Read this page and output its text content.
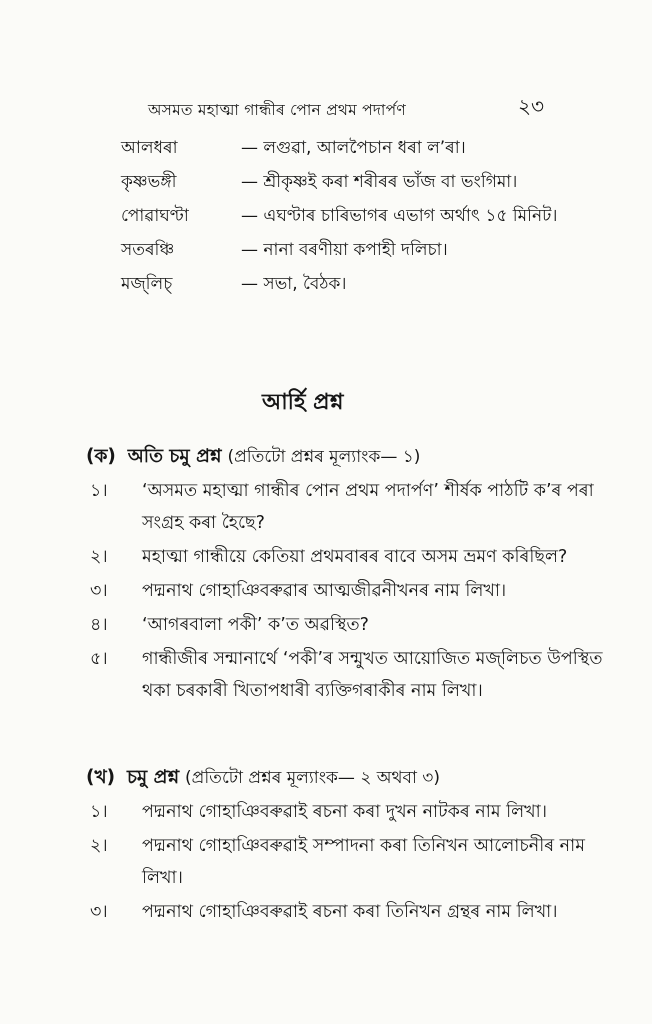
অসমত মহাত্মা গান্ধীৰ পোন প্ৰথম পদাৰ্পণ	২৩
আলধৰা	— লগুৱা, আলপৈচান ধৰা ল’ৰা।
কৃষ্ণভঙ্গী	— শ্ৰীকৃষ্ণই কৰা শৰীৰৰ ভাঁজ বা ভংগিমা।
পোৱাঘণ্টা	— এঘণ্টাৰ চাৰিভাগৰ এভাগ অৰ্থাৎ ১৫ মিনিট।
সতৰঞ্চি	— নানা বৰণীয়া কপাহী দলিচা।
মজ্‌লিচ্	— সভা, বৈঠক।
আৰ্হি প্ৰশ্ন
(ক) অতি চমু প্ৰশ্ন (প্ৰতিটো প্ৰশ্নৰ মূল্যাংক— ১)
১।	‘অসমত মহাত্মা গান্ধীৰ পোন প্ৰথম পদাৰ্পণ’ শীৰ্ষক পাঠটি ক’ৰ পৰা সংগ্ৰহ কৰা হৈছে?
২।	মহাত্মা গান্ধীয়ে কেতিয়া প্ৰথমবাৰৰ বাবে অসম ভ্ৰমণ কৰিছিল?
৩।	পদ্মনাথ গোহাঞিবৰুৱাৰ আত্মজীৱনীখনৰ নাম লিখা।
৪।	‘আগৰবালা পকী’ ক’ত অৱস্থিত?
৫।	গান্ধীজীৰ সন্মানাৰ্থে ‘পকী’ৰ সন্মুখত আয়োজিত মজ্‌লিচত উপস্থিত থকা চৰকাৰী খিতাপধাৰী ব্যক্তিগৰাকীৰ নাম লিখা।
(খ) চমু প্ৰশ্ন (প্ৰতিটো প্ৰশ্নৰ মূল্যাংক— ২ অথবা ৩)
১।	পদ্মনাথ গোহাঞিবৰুৱাই ৰচনা কৰা দুখন নাটকৰ নাম লিখা।
২।	পদ্মনাথ গোহাঞিবৰুৱাই সম্পাদনা কৰা তিনিখন আলোচনীৰ নাম লিখা।
৩।	পদ্মনাথ গোহাঞিবৰুৱাই ৰচনা কৰা তিনিখন গ্ৰন্থৰ নাম লিখা।
